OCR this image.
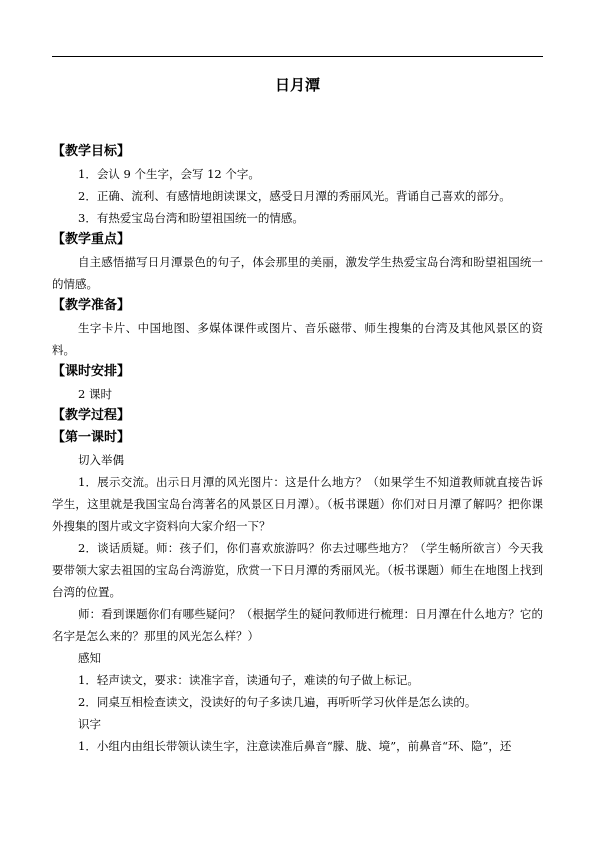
日月潭
【教学目标】
1．会认 9 个生字，会写 12 个字。
2．正确、流利、有感情地朗读课文，感受日月潭的秀丽风光。背诵自己喜欢的部分。
3．有热爱宝岛台湾和盼望祖国统一的情感。
【教学重点】

自主感悟描写日月潭景色的句子，体会那里的美丽，激发学生热爱宝岛台湾和盼望祖国统一的情感。

【教学准备】

生字卡片、中国地图、多媒体课件或图片、音乐磁带、师生搜集的台湾及其他风景区的资料。

【课时安排】
2 课时
【教学过程】
【第一课时】
切入举偶

1．展示交流。出示日月潭的风光图片：这是什么地方？（如果学生不知道教师就直接告诉学生，这里就是我国宝岛台湾著名的风景区日月潭）。（板书课题）你们对日月潭了解吗？把你课外搜集的图片或文字资料向大家介绍一下？

2．谈话质疑。师：孩子们，你们喜欢旅游吗？你去过哪些地方？（学生畅所欲言）今天我要带领大家去祖国的宝岛台湾游览，欣赏一下日月潭的秀丽风光。（板书课题）师生在地图上找到台湾的位置。

师：看到课题你们有哪些疑问？（根据学生的疑问教师进行梳理：日月潭在什么地方？它的名字是怎么来的？那里的风光怎么样？）

感知
1．轻声读文，要求：读准字音，读通句子，难读的句子做上标记。
2．同桌互相检查读文，没读好的句子多读几遍，再听听学习伙伴是怎么读的。
识字
1．小组内由组长带领认读生字，注意读准后鼻音“朦、胧、境”，前鼻音“环、隐”，还
